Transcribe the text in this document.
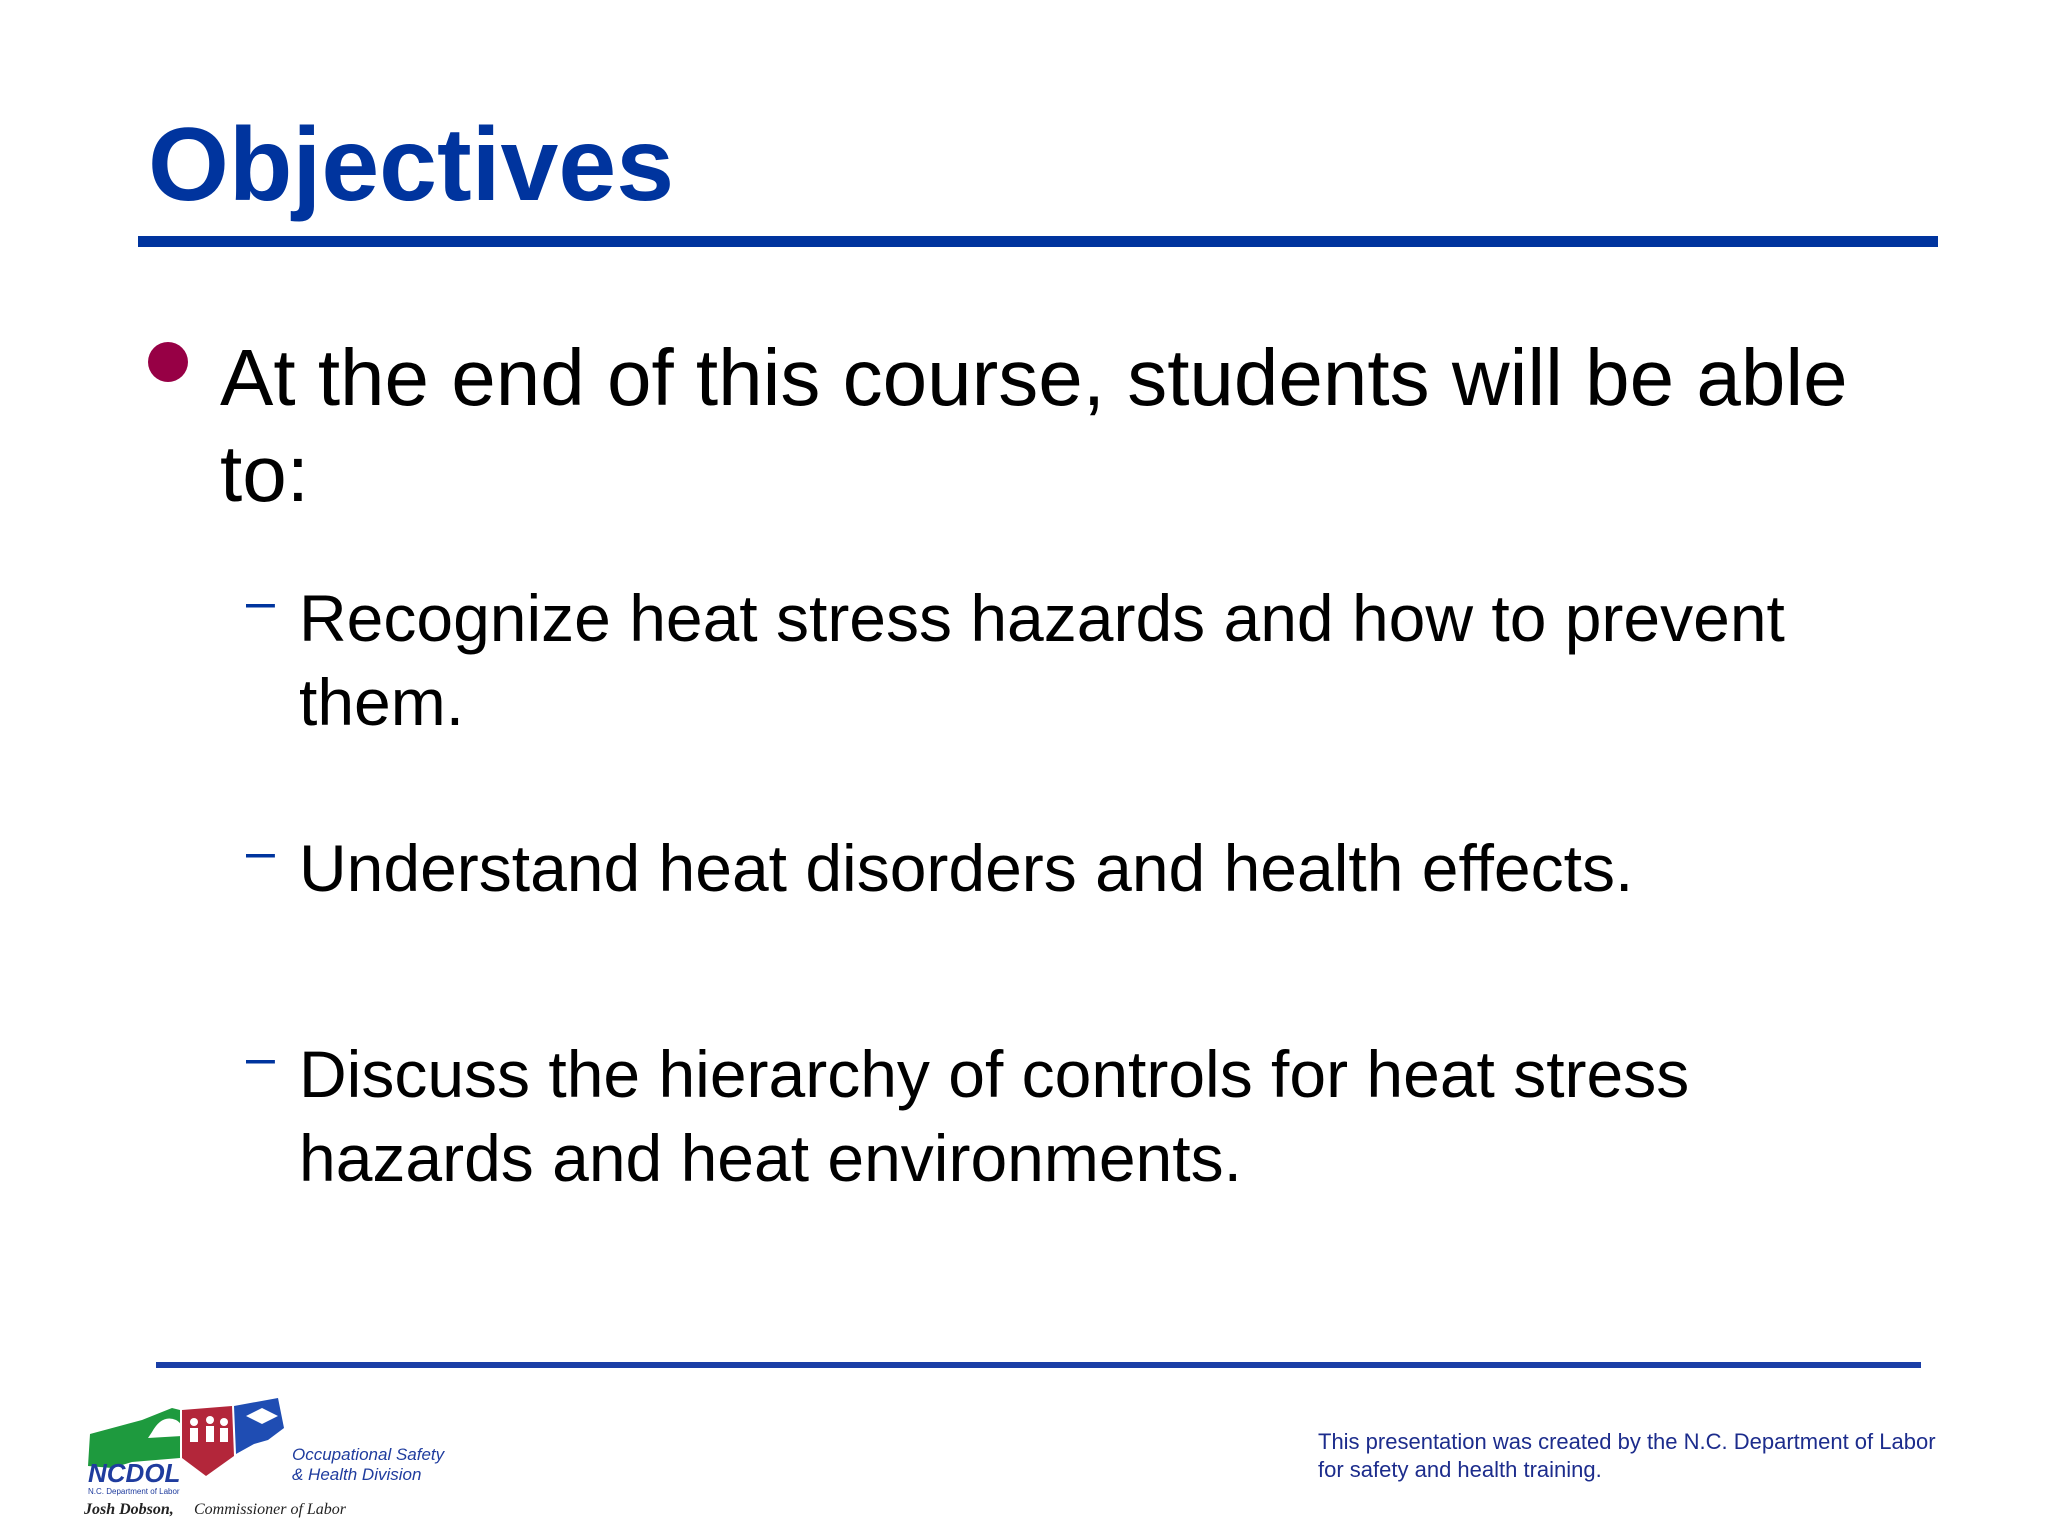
Objectives
At the end of this course, students will be able to:
– Recognize heat stress hazards and how to prevent them.
– Understand heat disorders and health effects.
– Discuss the hierarchy of controls for heat stress hazards and heat environments.
NCDOL
N.C. Department of Labor
Occupational Safety
& Health Division
Josh Dobson, Commissioner of Labor
This presentation was created by the N.C. Department of Labor for safety and health training.
